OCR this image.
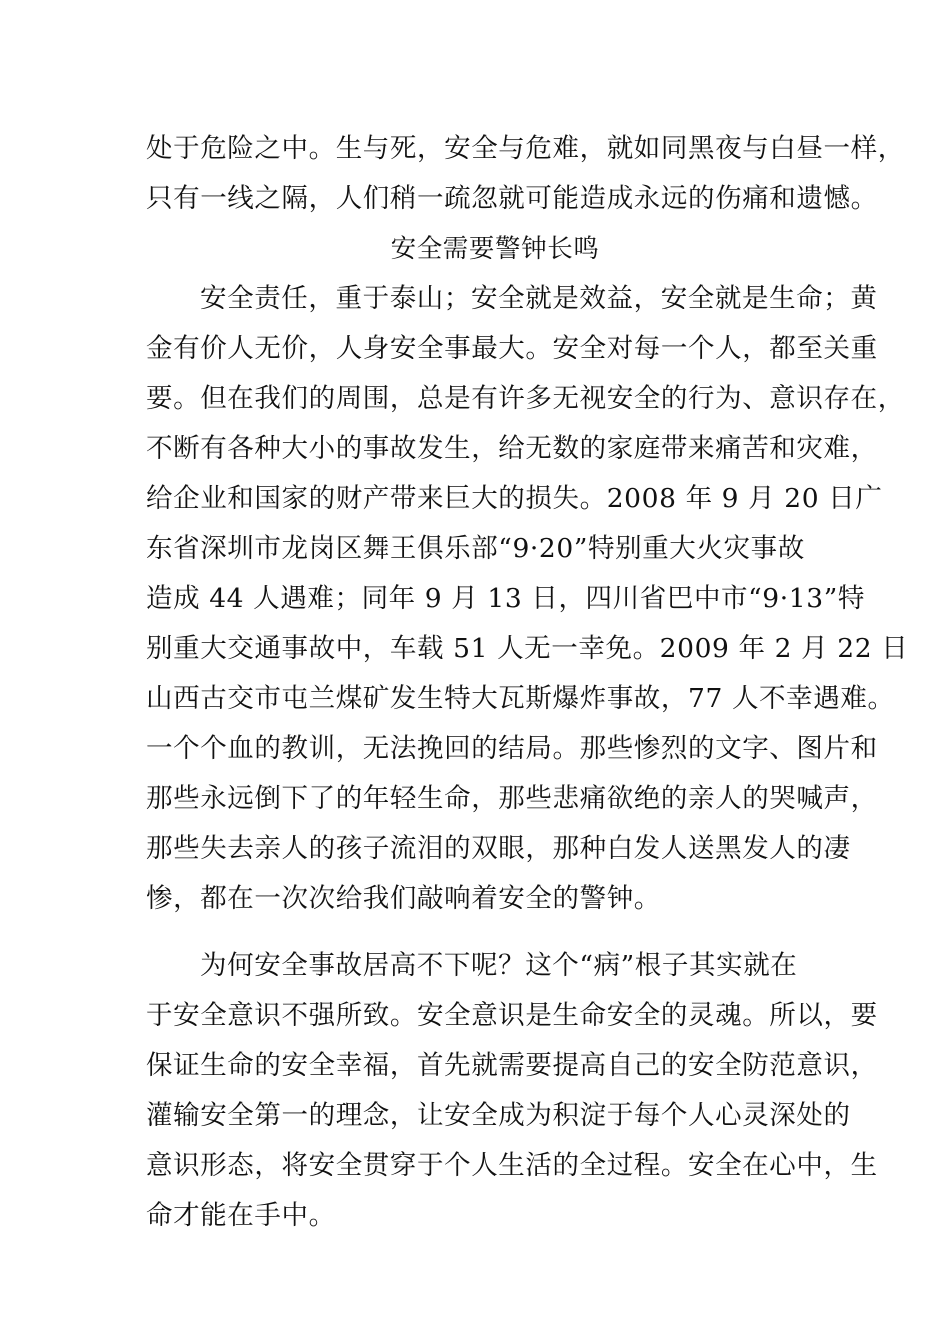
处于危险之中。生与死，安全与危难，就如同黑夜与白昼一样，
只有一线之隔，人们稍一疏忽就可能造成永远的伤痛和遗憾。
安全需要警钟长鸣
安全责任，重于泰山；安全就是效益，安全就是生命；黄
金有价人无价，人身安全事最大。安全对每一个人，都至关重
要。但在我们的周围，总是有许多无视安全的行为、意识存在，
不断有各种大小的事故发生，给无数的家庭带来痛苦和灾难，
给企业和国家的财产带来巨大的损失。2008 年 9 月 20 日广
东省深圳市龙岗区舞王俱乐部“9·20”特别重大火灾事故
造成 44 人遇难；同年 9 月 13 日，四川省巴中市“9·13”特
别重大交通事故中，车载 51 人无一幸免。2009 年 2 月 22 日
山西古交市屯兰煤矿发生特大瓦斯爆炸事故，77 人不幸遇难。
一个个血的教训，无法挽回的结局。那些惨烈的文字、图片和
那些永远倒下了的年轻生命，那些悲痛欲绝的亲人的哭喊声，
那些失去亲人的孩子流泪的双眼，那种白发人送黑发人的凄
惨，都在一次次给我们敲响着安全的警钟。
为何安全事故居高不下呢？这个“病”根子其实就在
于安全意识不强所致。安全意识是生命安全的灵魂。所以，要
保证生命的安全幸福，首先就需要提高自己的安全防范意识，
灌输安全第一的理念，让安全成为积淀于每个人心灵深处的
意识形态，将安全贯穿于个人生活的全过程。安全在心中，生
命才能在手中。
